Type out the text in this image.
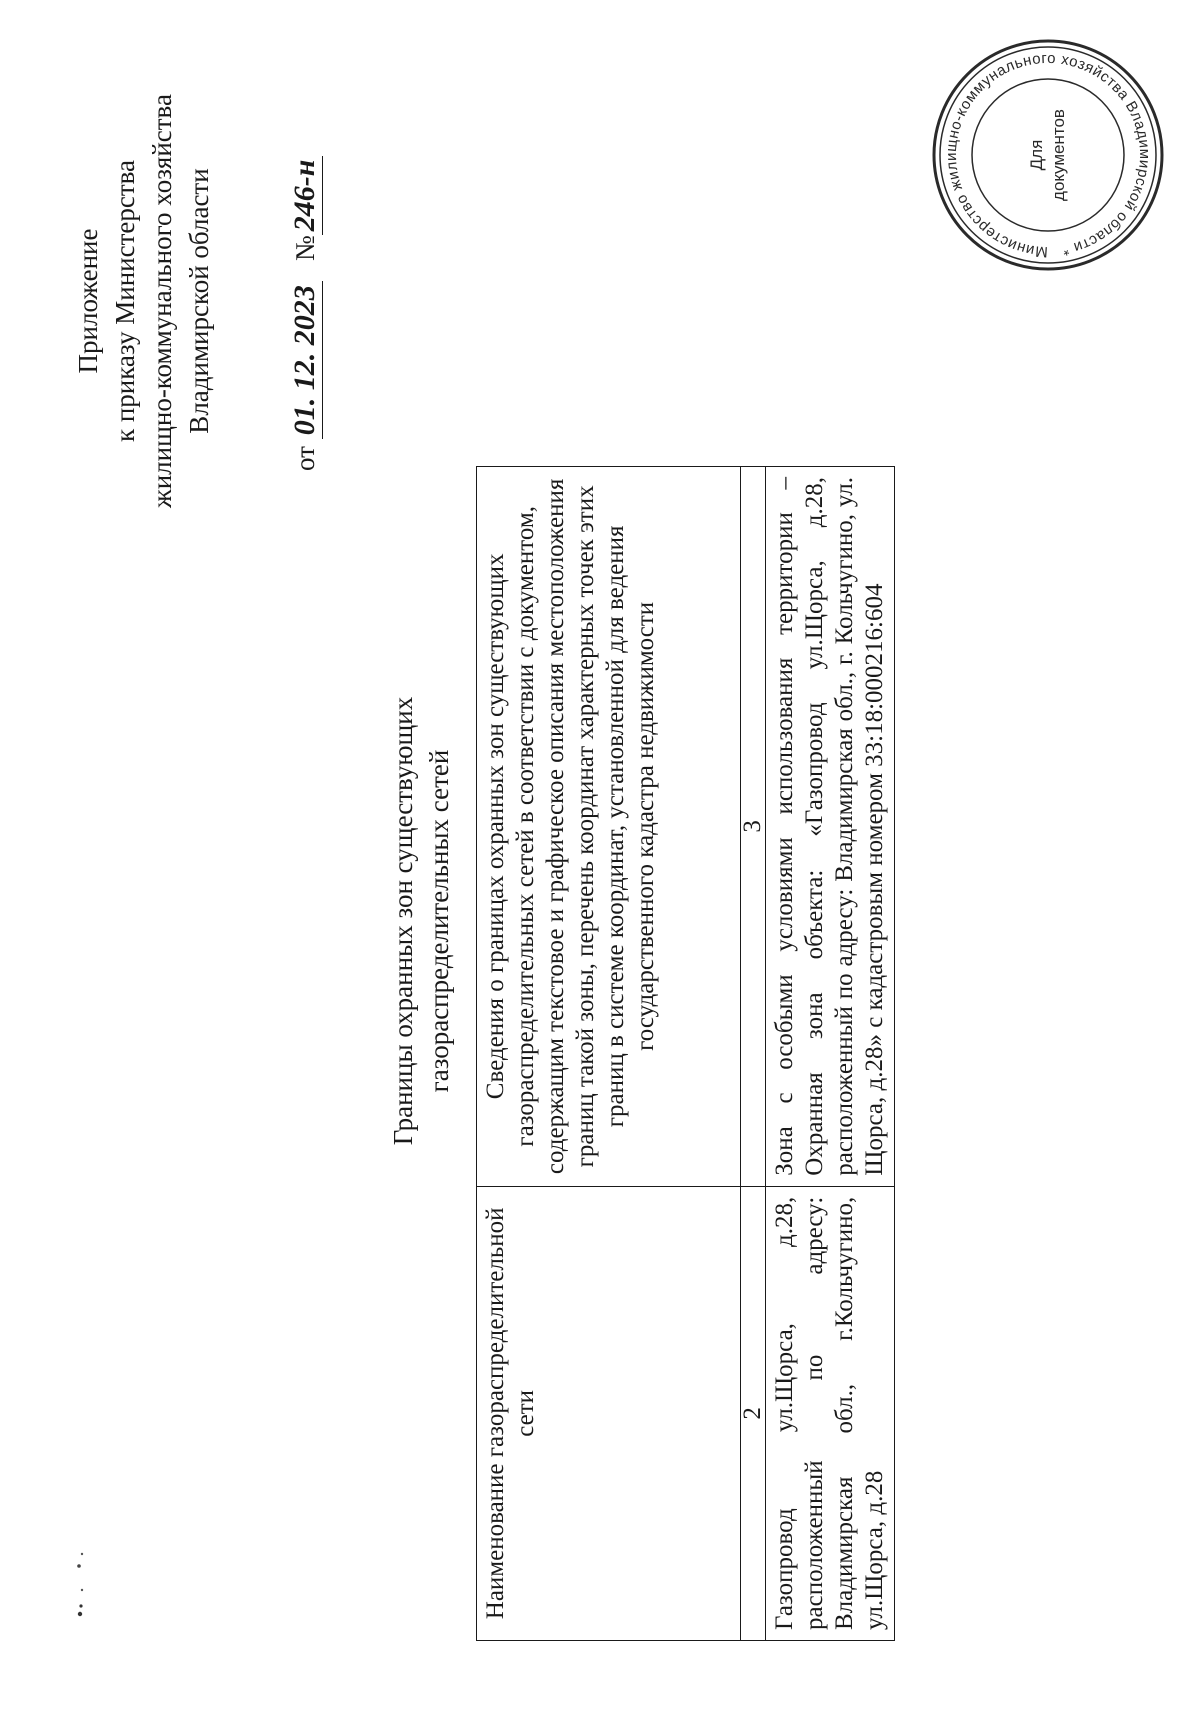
Приложение к приказу Министерства жилищно-коммунального хозяйства Владимирской области
от 01. 12. 2023   №246-н
Границы охранных зон существующих газораспределительных сетей
Наименование газораспределительной сети	Сведения о границах охранных зон существующих газораспределительных сетей в соответствии с документом, содержащим текстовое и графическое описания местоположения границ такой зоны, перечень координат характерных точек этих границ в системе координат, установленной для ведения государственного кадастра недвижимости
2	3
Газопровод ул.Щорса, д.28, расположенный по адресу: Владимирская обл., г.Кольчугино, ул.Щорса, д.28	Зона с особыми условиями использования территории – Охранная зона объекта: «Газопровод ул.Щорса, д.28, расположенный по адресу: Владимирская обл., г. Кольчугино, ул. Щорса, д.28» с кадастровым номером 33:18:000216:604
Министерство жилищно-коммунального хозяйства Владимирской области *
Для документов
